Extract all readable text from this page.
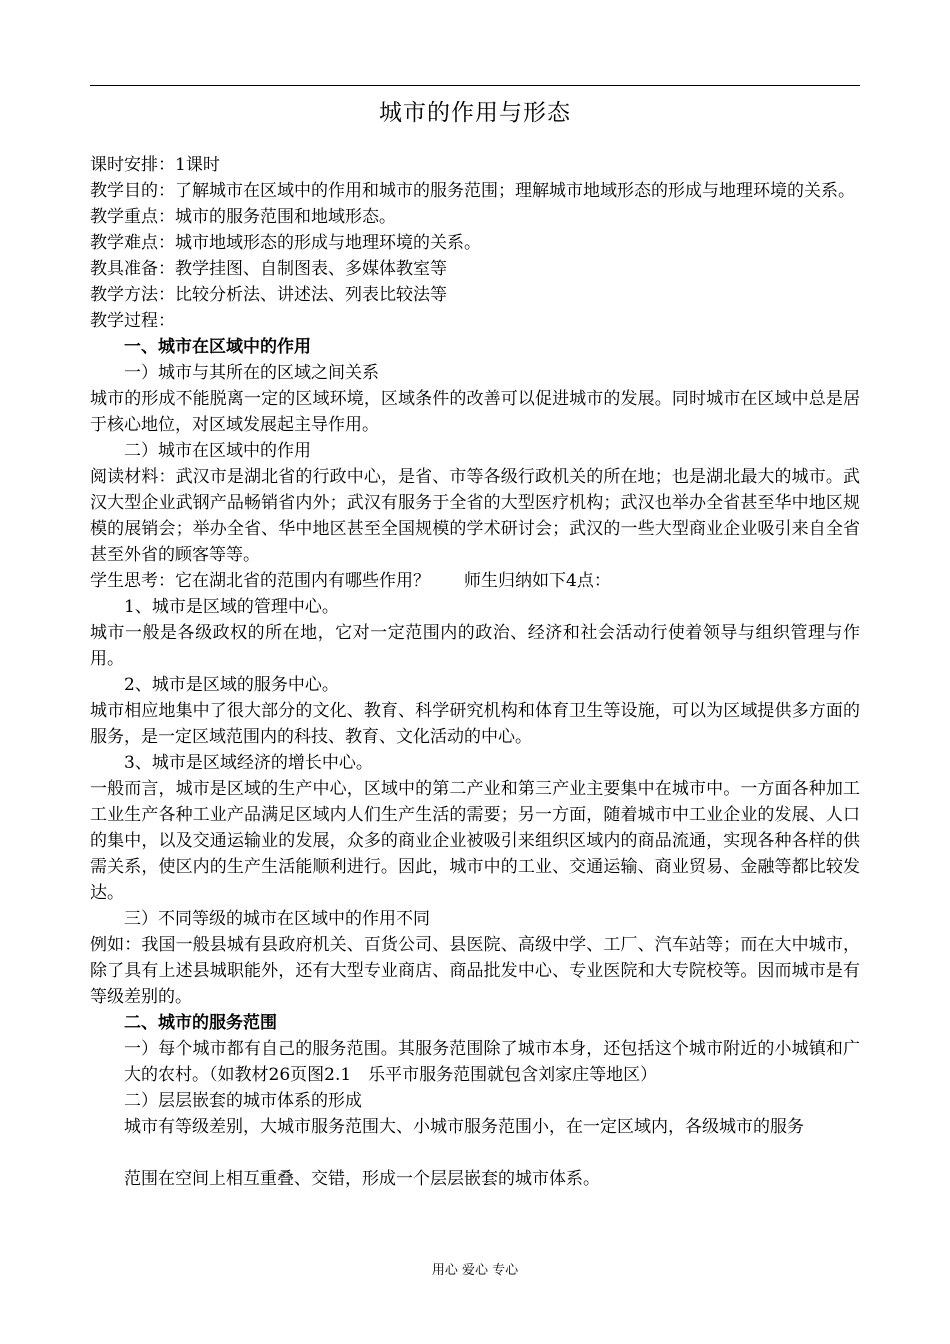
城市的作用与形态

课时安排：1课时

教学目的：了解城市在区域中的作用和城市的服务范围；理解城市地域形态的形成与地理环境的关系。

教学重点：城市的服务范围和地域形态。

教学难点：城市地域形态的形成与地理环境的关系。

教具准备：教学挂图、自制图表、多媒体教室等

教学方法：比较分析法、讲述法、列表比较法等

教学过程：

一、城市在区域中的作用

一）城市与其所在的区域之间关系

城市的形成不能脱离一定的区域环境，区域条件的改善可以促进城市的发展。同时城市在区域中总是居于核心地位，对区域发展起主导作用。

二）城市在区域中的作用

阅读材料：武汉市是湖北省的行政中心，是省、市等各级行政机关的所在地；也是湖北最大的城市。武汉大型企业武钢产品畅销省内外；武汉有服务于全省的大型医疗机构；武汉也举办全省甚至华中地区规模的展销会；举办全省、华中地区甚至全国规模的学术研讨会；武汉的一些大型商业企业吸引来自全省甚至外省的顾客等等。

学生思考：它在湖北省的范围内有哪些作用？　　师生归纳如下4点：

1、城市是区域的管理中心。

城市一般是各级政权的所在地，它对一定范围内的政治、经济和社会活动行使着领导与组织管理与作用。

2、城市是区域的服务中心。

城市相应地集中了很大部分的文化、教育、科学研究机构和体育卫生等设施，可以为区域提供多方面的服务，是一定区域范围内的科技、教育、文化活动的中心。

3、城市是区域经济的增长中心。

一般而言，城市是区域的生产中心，区域中的第二产业和第三产业主要集中在城市中。一方面各种加工工业生产各种工业产品满足区域内人们生产生活的需要；另一方面，随着城市中工业企业的发展、人口的集中，以及交通运输业的发展，众多的商业企业被吸引来组织区域内的商品流通，实现各种各样的供需关系，使区内的生产生活能顺利进行。因此，城市中的工业、交通运输、商业贸易、金融等都比较发达。

三）不同等级的城市在区域中的作用不同

例如：我国一般县城有县政府机关、百货公司、县医院、高级中学、工厂、汽车站等；而在大中城市，除了具有上述县城职能外，还有大型专业商店、商品批发中心、专业医院和大专院校等。因而城市是有等级差别的。

二、城市的服务范围

一）每个城市都有自己的服务范围。其服务范围除了城市本身，还包括这个城市附近的小城镇和广大的农村。（如教材26页图2.1　乐平市服务范围就包含刘家庄等地区）

二）层层嵌套的城市体系的形成

城市有等级差别，大城市服务范围大、小城市服务范围小，在一定区域内，各级城市的服务

范围在空间上相互重叠、交错，形成一个层层嵌套的城市体系。

用心 爱心 专心
